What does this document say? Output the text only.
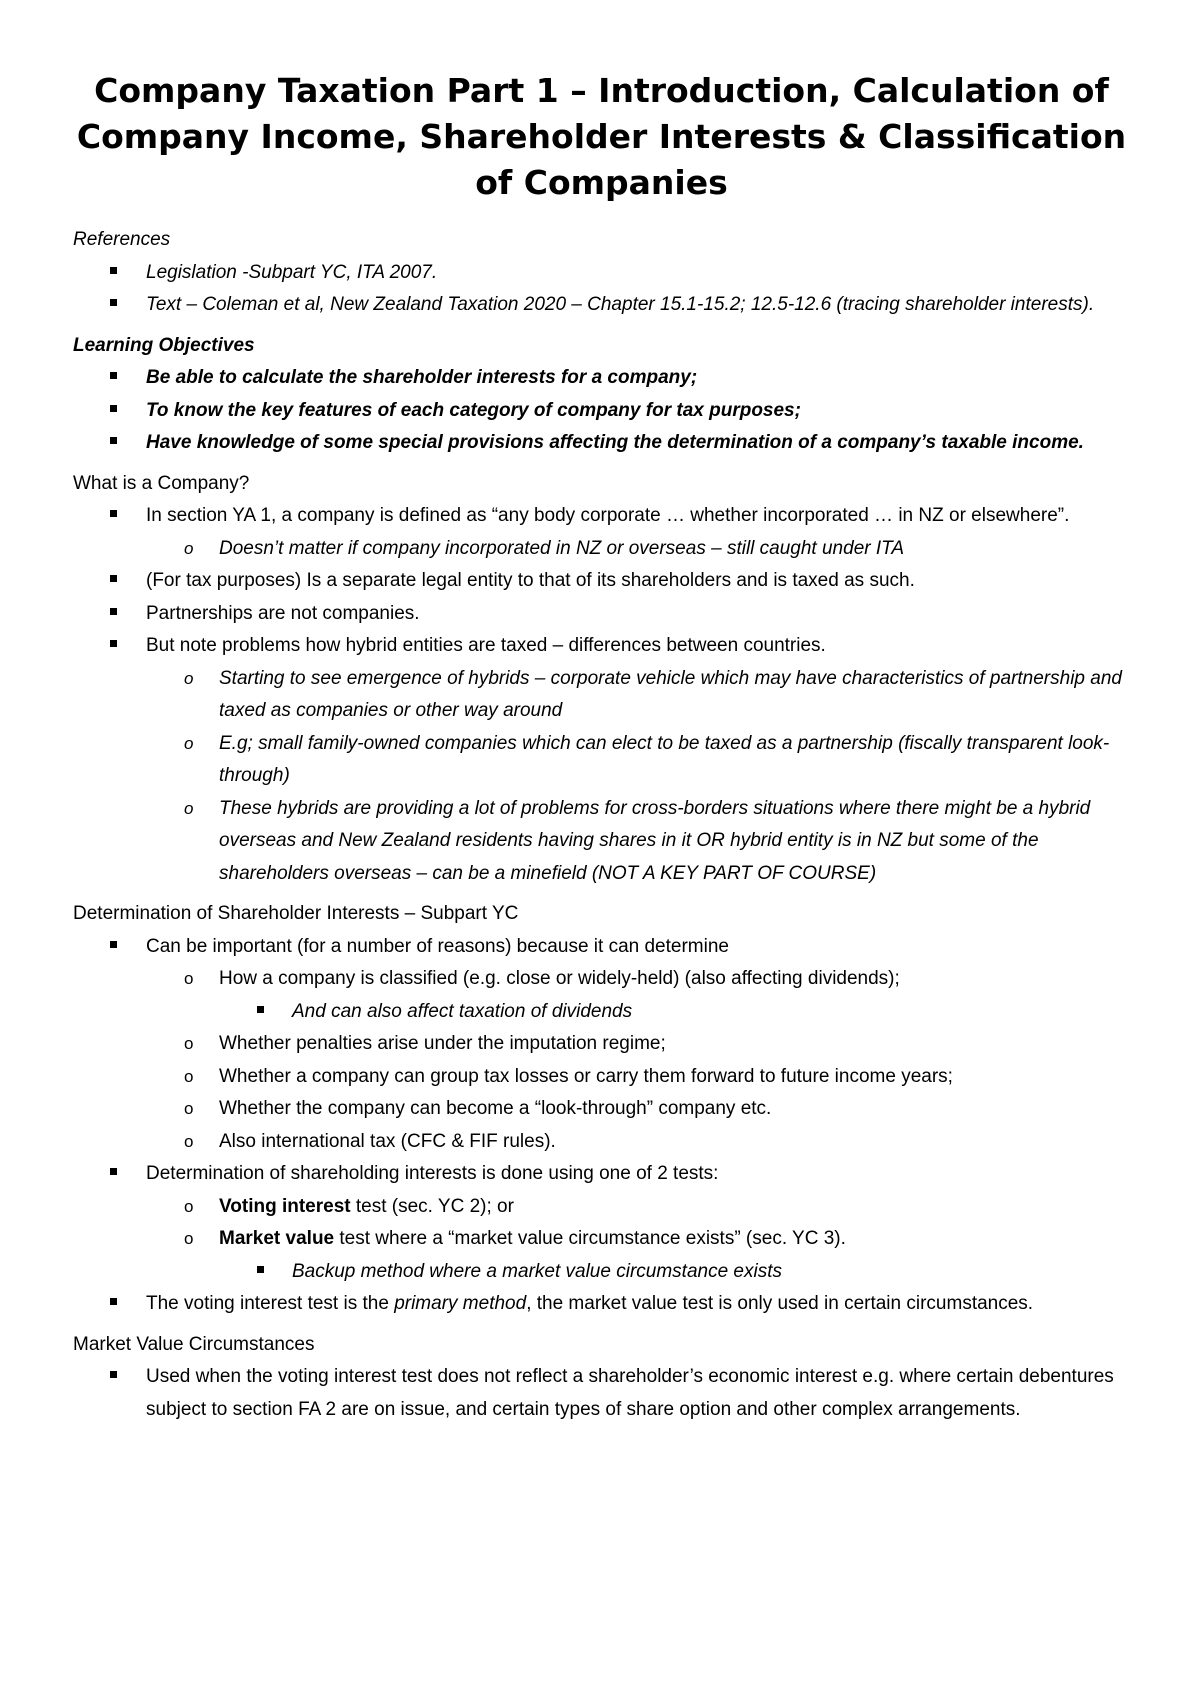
Company Taxation Part 1 – Introduction, Calculation of Company Income, Shareholder Interests & Classification of Companies
References
Legislation -Subpart YC, ITA 2007.
Text – Coleman et al, New Zealand Taxation 2020 – Chapter 15.1-15.2; 12.5-12.6 (tracing shareholder interests).
Learning Objectives
Be able to calculate the shareholder interests for a company;
To know the key features of each category of company for tax purposes;
Have knowledge of some special provisions affecting the determination of a company’s taxable income.
What is a Company?
In section YA 1, a company is defined as “any body corporate … whether incorporated … in NZ or elsewhere”.
o Doesn’t matter if company incorporated in NZ or overseas – still caught under ITA
(For tax purposes) Is a separate legal entity to that of its shareholders and is taxed as such.
Partnerships are not companies.
But note problems how hybrid entities are taxed – differences between countries.
o Starting to see emergence of hybrids – corporate vehicle which may have characteristics of partnership and taxed as companies or other way around
o E.g; small family-owned companies which can elect to be taxed as a partnership (fiscally transparent look-through)
o These hybrids are providing a lot of problems for cross-borders situations where there might be a hybrid overseas and New Zealand residents having shares in it OR hybrid entity is in NZ but some of the shareholders overseas – can be a minefield (NOT A KEY PART OF COURSE)
Determination of Shareholder Interests – Subpart YC
Can be important (for a number of reasons) because it can determine
o How a company is classified (e.g. close or widely-held) (also affecting dividends);
And can also affect taxation of dividends
o Whether penalties arise under the imputation regime;
o Whether a company can group tax losses or carry them forward to future income years;
o Whether the company can become a “look-through” company etc.
o Also international tax (CFC & FIF rules).
Determination of shareholding interests is done using one of 2 tests:
o Voting interest test (sec. YC 2); or
o Market value test where a “market value circumstance exists” (sec. YC 3).
Backup method where a market value circumstance exists
The voting interest test is the primary method, the market value test is only used in certain circumstances.
Market Value Circumstances
Used when the voting interest test does not reflect a shareholder’s economic interest e.g. where certain debentures subject to section FA 2 are on issue, and certain types of share option and other complex arrangements.
